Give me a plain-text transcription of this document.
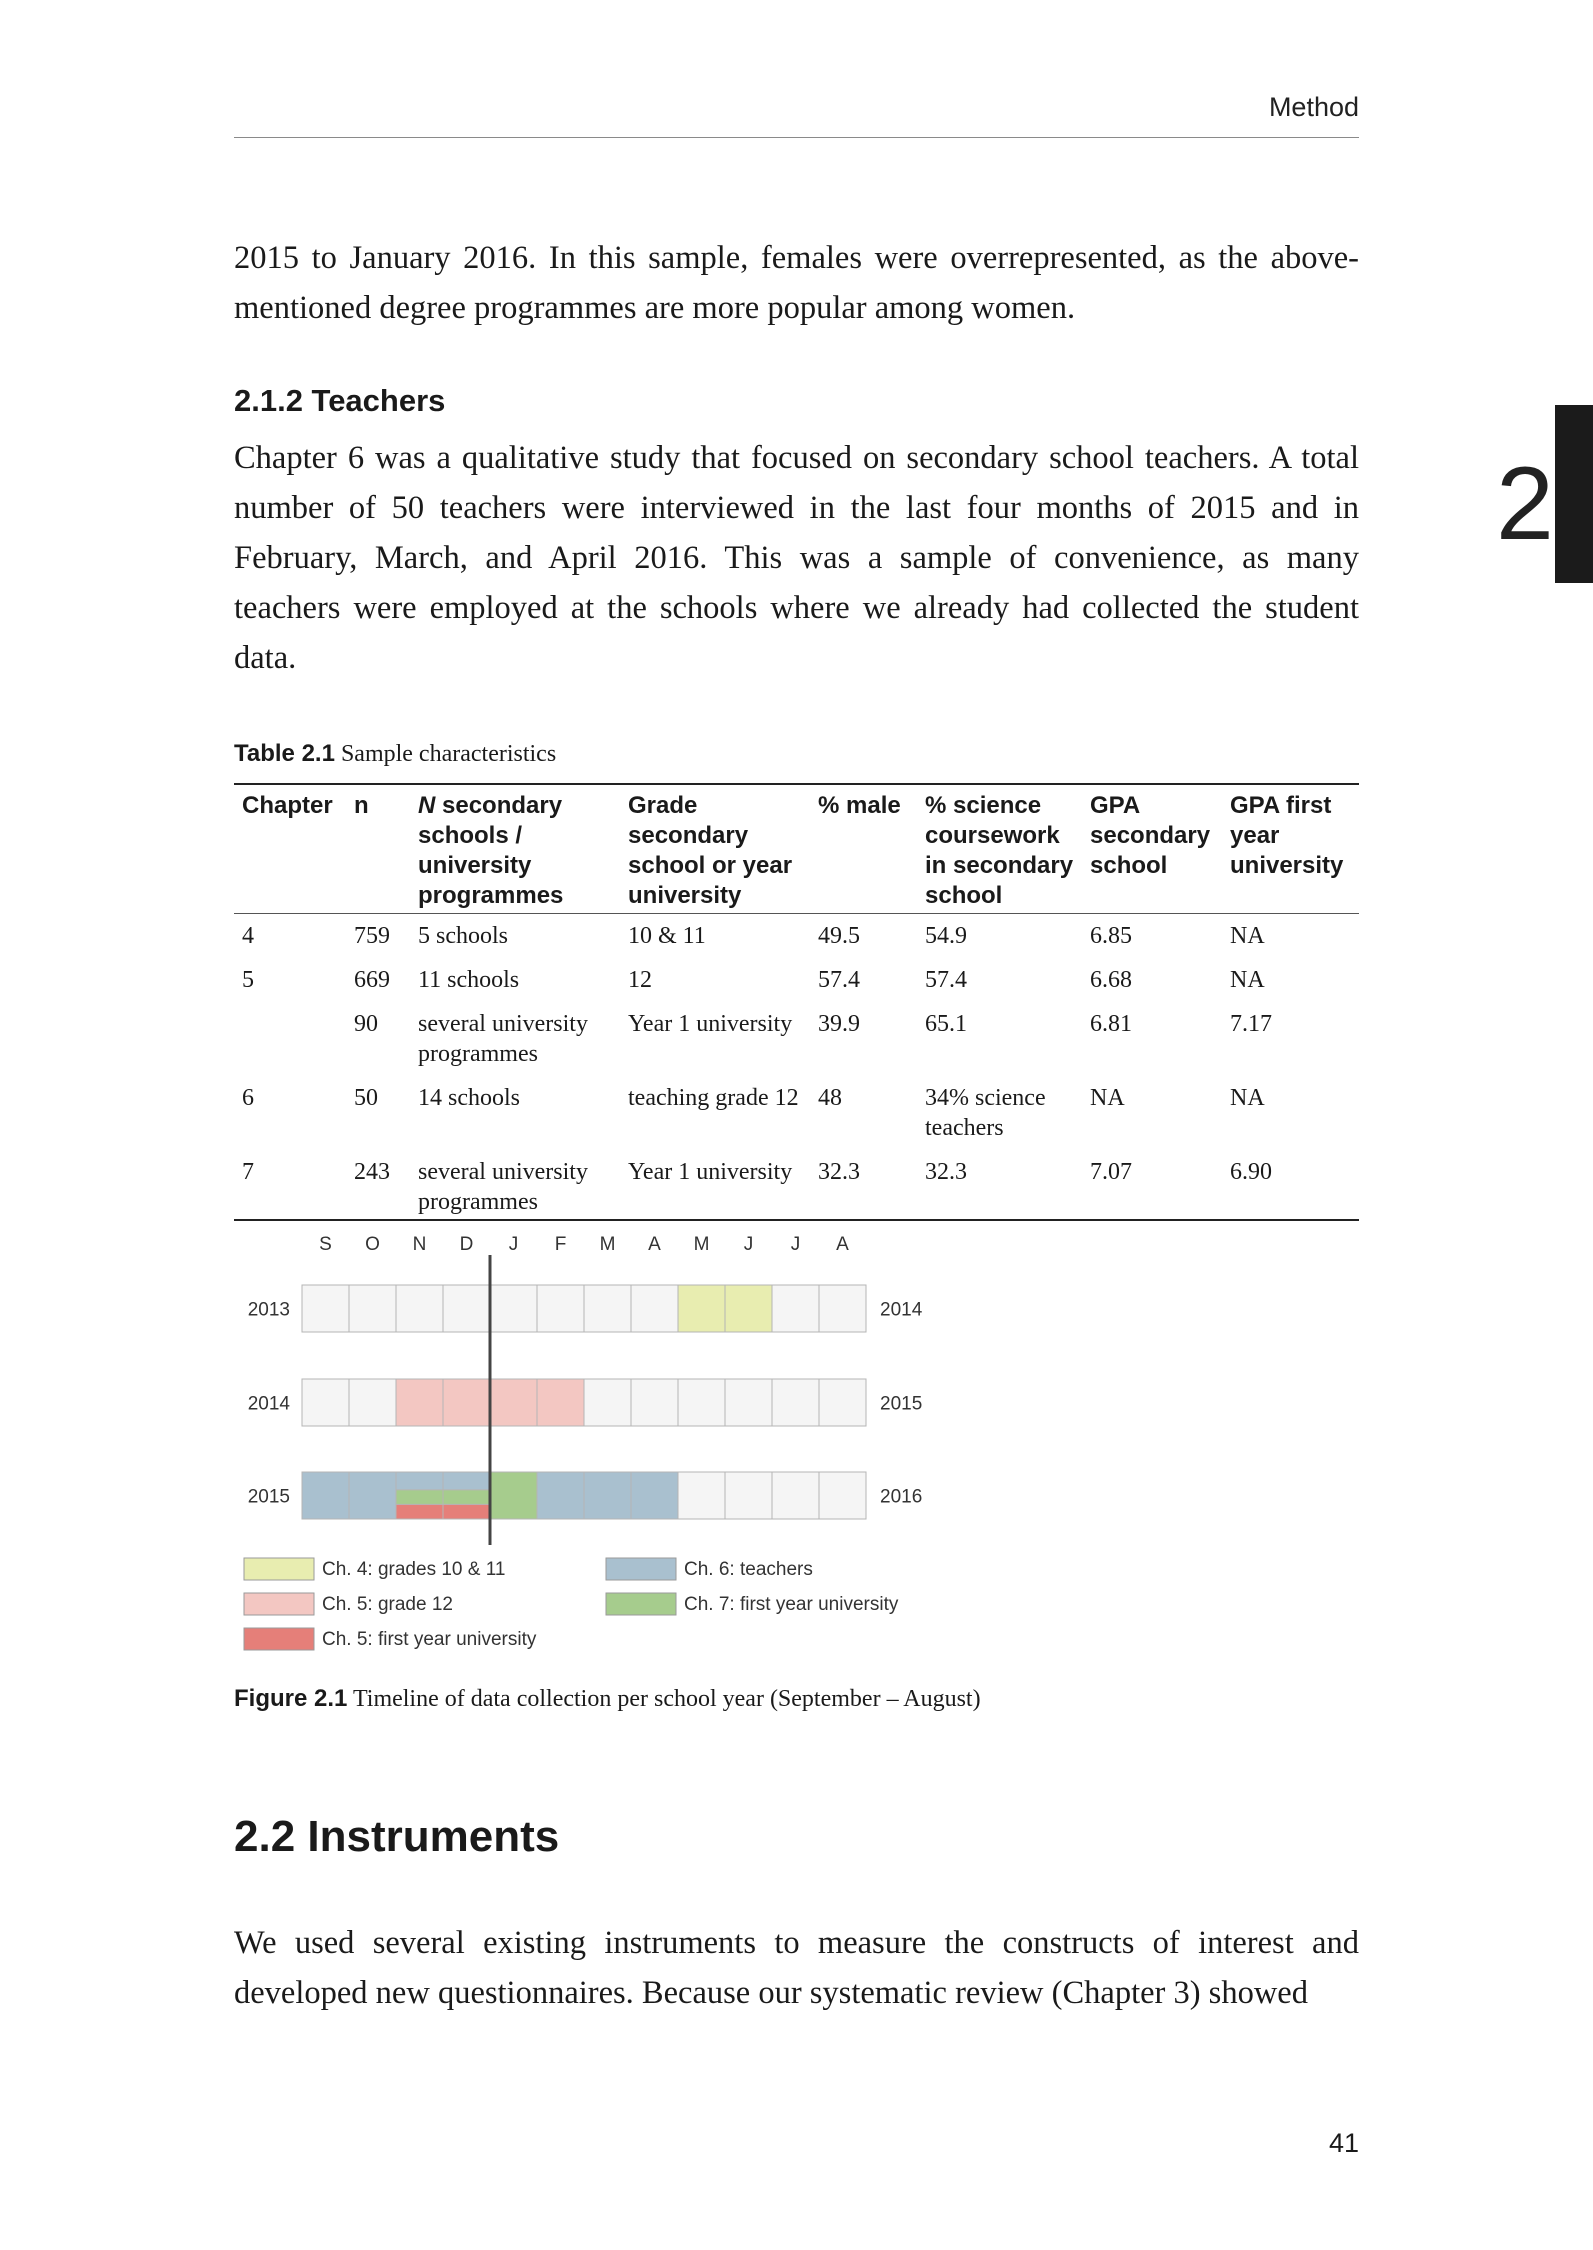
Method
2

2015 to January 2016. In this sample, females were overrepresented, as the above-mentioned degree programmes are more popular among women.

2.1.2 Teachers

Chapter 6 was a qualitative study that focused on secondary school teachers. A total number of 50 teachers were interviewed in the last four months of 2015 and in February, March, and April 2016. This was a sample of convenience, as many teachers were employed at the schools where we already had collected the student data.

Table 2.1 Sample characteristics
Chapter	n	N secondary schools / university programmes	Grade secondary school or year university	% male	% science coursework in secondary school	GPA secondary school	GPA first year university
4	759	5 schools	10 & 11	49.5	54.9	6.85	NA
5	669	11 schools	12	57.4	57.4	6.68	NA
	90	several university programmes	Year 1 university	39.9	65.1	6.81	7.17
6	50	14 schools	teaching grade 12	48	34% science teachers	NA	NA
7	243	several university programmes	Year 1 university	32.3	32.3	7.07	6.90
S O N D J F M A M J J A
2013	2014
2014	2015
2015	2016
Ch. 4: grades 10 & 11
Ch. 5: grade 12
Ch. 5: first year university
Ch. 6: teachers
Ch. 7: first year university
Figure 2.1 Timeline of data collection per school year (September – August)
2.2 Instruments

We used several existing instruments to measure the constructs of interest and developed new questionnaires. Because our systematic review (Chapter 3) showed

41
